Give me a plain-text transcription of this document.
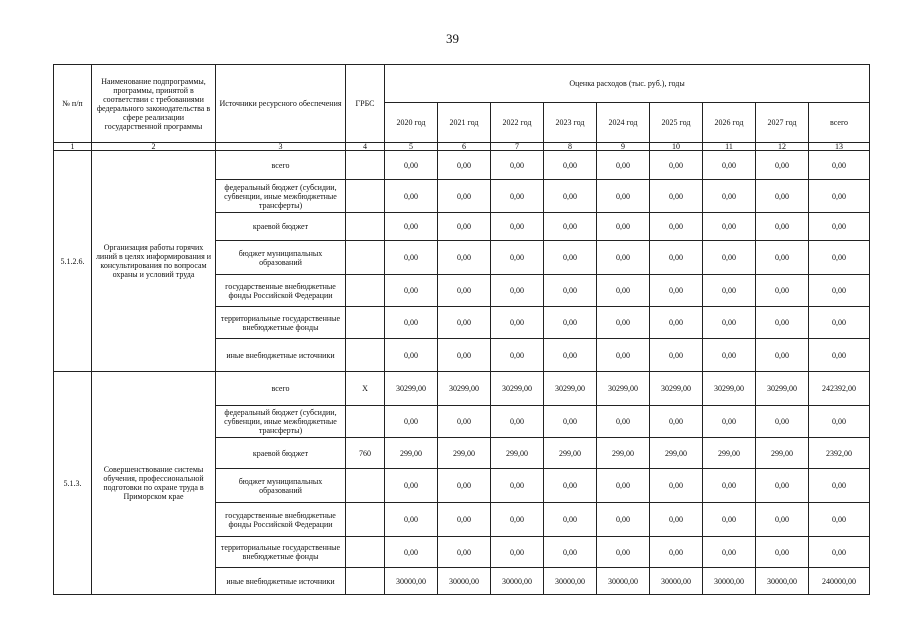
39
№ п/п	Наименование подпрограммы, программы, принятой в соответствии с требованиями федерального законодательства в сфере реализации государственной программы	Источники ресурсного обеспечения	ГРБС	Оценка расходов (тыс. руб.), годы								
				2020 год	2021 год	2022 год	2023 год	2024 год	2025 год	2026 год	2027 год	всего
1	2	3	4	5	6	7	8	9	10	11	12	13
5.1.2.6.	Организация работы горячих линий в целях информирования и консультирования по вопросам охраны и условий труда	всего		0,00	0,00	0,00	0,00	0,00	0,00	0,00	0,00	0,00
		федеральный бюджет (субсидии, субвенции, иные межбюджетные трансферты)		0,00	0,00	0,00	0,00	0,00	0,00	0,00	0,00	0,00
		краевой бюджет		0,00	0,00	0,00	0,00	0,00	0,00	0,00	0,00	0,00
		бюджет муниципальных образований		0,00	0,00	0,00	0,00	0,00	0,00	0,00	0,00	0,00
		государственные внебюджетные фонды Российской Федерации		0,00	0,00	0,00	0,00	0,00	0,00	0,00	0,00	0,00
		территориальные государственные внебюджетные фонды		0,00	0,00	0,00	0,00	0,00	0,00	0,00	0,00	0,00
		иные внебюджетные источники		0,00	0,00	0,00	0,00	0,00	0,00	0,00	0,00	0,00
5.1.3.	Совершенствование системы обучения, профессиональной подготовки по охране труда в Приморском крае	всего	Х	30299,00	30299,00	30299,00	30299,00	30299,00	30299,00	30299,00	30299,00	242392,00
		федеральный бюджет (субсидии, субвенции, иные межбюджетные трансферты)		0,00	0,00	0,00	0,00	0,00	0,00	0,00	0,00	0,00
		краевой бюджет	760	299,00	299,00	299,00	299,00	299,00	299,00	299,00	299,00	2392,00
		бюджет муниципальных образований		0,00	0,00	0,00	0,00	0,00	0,00	0,00	0,00	0,00
		государственные внебюджетные фонды Российской Федерации		0,00	0,00	0,00	0,00	0,00	0,00	0,00	0,00	0,00
		территориальные государственные внебюджетные фонды		0,00	0,00	0,00	0,00	0,00	0,00	0,00	0,00	0,00
		иные внебюджетные источники		30000,00	30000,00	30000,00	30000,00	30000,00	30000,00	30000,00	30000,00	240000,00
